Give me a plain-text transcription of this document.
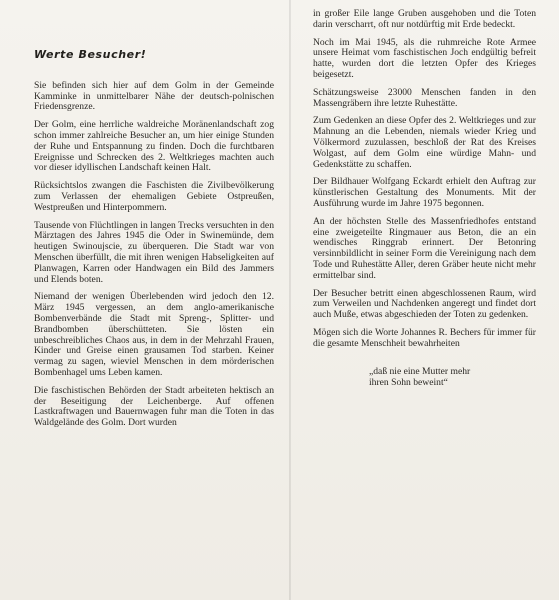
Werte Besucher!

Sie befinden sich hier auf dem Golm in der Gemeinde Kamminke in unmittelbarer Nähe der deutsch-polnischen Friedensgrenze.

Der Golm, eine herrliche waldreiche Moränenlandschaft zog schon immer zahlreiche Besucher an, um hier einige Stunden der Ruhe und Entspannung zu finden. Doch die furchtbaren Ereignisse und Schrecken des 2. Weltkrieges machten auch vor dieser idyllischen Landschaft keinen Halt.

Rücksichtslos zwangen die Faschisten die Zivilbevölkerung zum Verlassen der ehemaligen Gebiete Ostpreußen, Westpreußen und Hinterpommern.

Tausende von Flüchtlingen in langen Trecks versuchten in den Märztagen des Jahres 1945 die Oder in Swinemünde, dem heutigen Swinoujscie, zu überqueren. Die Stadt war von Menschen überfüllt, die mit ihren wenigen Habseligkeiten auf Planwagen, Karren oder Handwagen ein Bild des Jammers und Elends boten.

Niemand der wenigen Überlebenden wird jedoch den 12. März 1945 vergessen, an dem anglo-amerikanische Bombenverbände die Stadt mit Spreng-, Splitter- und Brandbomben überschütteten. Sie lösten ein unbeschreibliches Chaos aus, in dem in der Mehrzahl Frauen, Kinder und Greise einen grausamen Tod starben. Keiner vermag zu sagen, wieviel Menschen in dem mörderischen Bombenhagel ums Leben kamen.

Die faschistischen Behörden der Stadt arbeiteten hektisch an der Beseitigung der Leichenberge. Auf offenen Lastkraftwagen und Bauernwagen fuhr man die Toten in das Waldgelände des Golm. Dort wurden

in großer Eile lange Gruben ausgehoben und die Toten darin verscharrt, oft nur notdürftig mit Erde bedeckt.

Noch im Mai 1945, als die ruhmreiche Rote Armee unsere Heimat vom faschistischen Joch endgültig befreit hatte, wurden dort die letzten Opfer des Krieges beigesetzt.

Schätzungsweise 23000 Menschen fanden in den Massengräbern ihre letzte Ruhestätte.

Zum Gedenken an diese Opfer des 2. Weltkrieges und zur Mahnung an die Lebenden, niemals wieder Krieg und Völkermord zuzulassen, beschloß der Rat des Kreises Wolgast, auf dem Golm eine würdige Mahn- und Gedenkstätte zu schaffen.

Der Bildhauer Wolfgang Eckardt erhielt den Auftrag zur künstlerischen Gestaltung des Monuments. Mit der Ausführung wurde im Jahre 1975 begonnen.

An der höchsten Stelle des Massenfriedhofes entstand eine zweigeteilte Ringmauer aus Beton, die an ein wendisches Ringgrab erinnert. Der Betonring versinnbildlicht in seiner Form die Vereinigung nach dem Tode und Ruhestätte Aller, deren Gräber heute nicht mehr ermittelbar sind.

Der Besucher betritt einen abgeschlossenen Raum, wird zum Verweilen und Nachdenken angeregt und findet dort auch Muße, etwas abgeschieden der Toten zu gedenken.

Mögen sich die Worte Johannes R. Bechers für immer für die gesamte Menschheit bewahrheiten

„daß nie eine Mutter mehr
ihren Sohn beweint“
